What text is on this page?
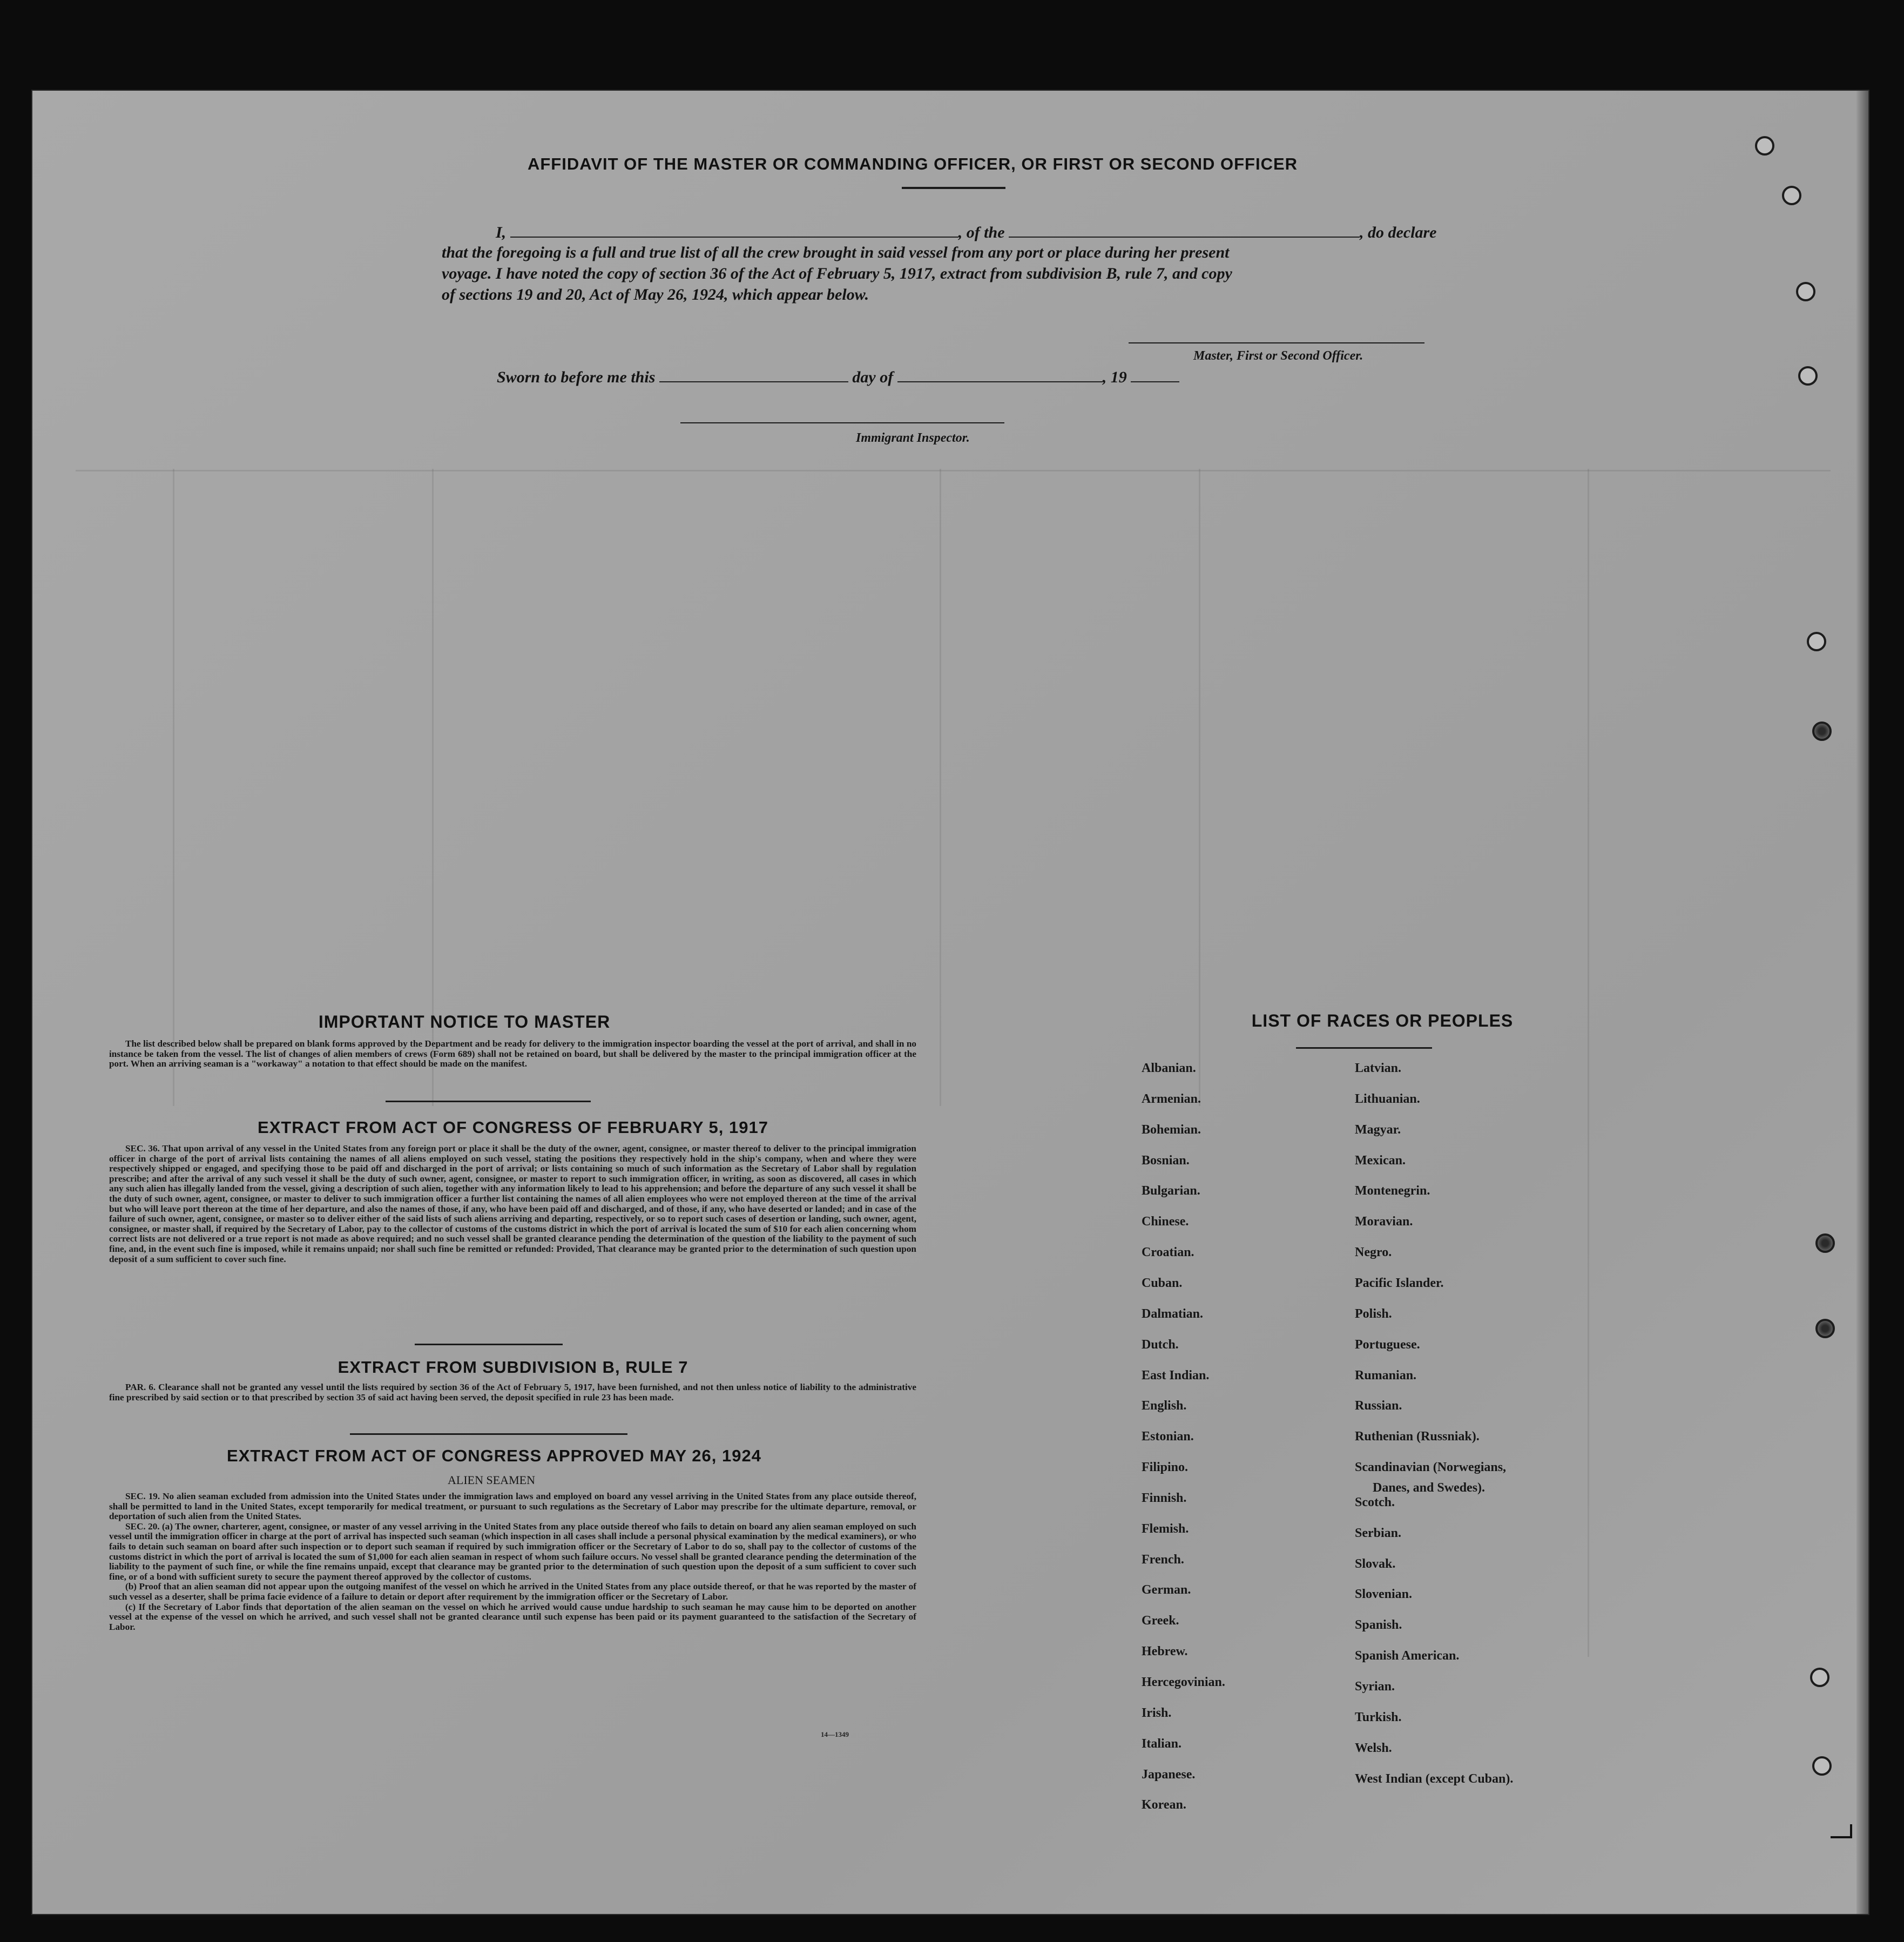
AFFIDAVIT OF THE MASTER OR COMMANDING OFFICER, OR FIRST OR SECOND OFFICER
I,	, of the	, do declare
that the foregoing is a full and true list of all the crew brought in said vessel from any port or place during her present
voyage. I have noted the copy of section 36 of the Act of February 5, 1917, extract from subdivision B, rule 7, and copy
of sections 19 and 20, Act of May 26, 1924, which appear below.
Master, First or Second Officer.
Sworn to before me this	day of	, 19
Immigrant Inspector.
IMPORTANT NOTICE TO MASTER

The list described below shall be prepared on blank forms approved by the Department and be ready for delivery to the immigration inspector boarding the vessel at the port of arrival, and shall in no instance be taken from the vessel. The list of changes of alien members of crews (Form 689) shall not be retained on board, but shall be delivered by the master to the principal immigration officer at the port. When an arriving seaman is a "workaway" a notation to that effect should be made on the manifest.

EXTRACT FROM ACT OF CONGRESS OF FEBRUARY 5, 1917

SEC. 36. That upon arrival of any vessel in the United States from any foreign port or place it shall be the duty of the owner, agent, consignee, or master thereof to deliver to the principal immigration officer in charge of the port of arrival lists containing the names of all aliens employed on such vessel, stating the positions they respectively hold in the ship's company, when and where they were respectively shipped or engaged, and specifying those to be paid off and discharged in the port of arrival; or lists containing so much of such information as the Secretary of Labor shall by regulation prescribe; and after the arrival of any such vessel it shall be the duty of such owner, agent, consignee, or master to report to such immigration officer, in writing, as soon as discovered, all cases in which any such alien has illegally landed from the vessel, giving a description of such alien, together with any information likely to lead to his apprehension; and before the departure of any such vessel it shall be the duty of such owner, agent, consignee, or master to deliver to such immigration officer a further list containing the names of all alien employees who were not employed thereon at the time of the arrival but who will leave port thereon at the time of her departure, and also the names of those, if any, who have been paid off and discharged, and of those, if any, who have deserted or landed; and in case of the failure of such owner, agent, consignee, or master so to deliver either of the said lists of such aliens arriving and departing, respectively, or so to report such cases of desertion or landing, such owner, agent, consignee, or master shall, if required by the Secretary of Labor, pay to the collector of customs of the customs district in which the port of arrival is located the sum of $10 for each alien concerning whom correct lists are not delivered or a true report is not made as above required; and no such vessel shall be granted clearance pending the determination of the question of the liability to the payment of such fine, and, in the event such fine is imposed, while it remains unpaid; nor shall such fine be remitted or refunded: Provided, That clearance may be granted prior to the determination of such question upon deposit of a sum sufficient to cover such fine.

EXTRACT FROM SUBDIVISION B, RULE 7

PAR. 6. Clearance shall not be granted any vessel until the lists required by section 36 of the Act of February 5, 1917, have been furnished, and not then unless notice of liability to the administrative fine prescribed by said section or to that prescribed by section 35 of said act having been served, the deposit specified in rule 23 has been made.

EXTRACT FROM ACT OF CONGRESS APPROVED MAY 26, 1924
ALIEN SEAMEN

SEC. 19. No alien seaman excluded from admission into the United States under the immigration laws and employed on board any vessel arriving in the United States from any place outside thereof, shall be permitted to land in the United States, except temporarily for medical treatment, or pursuant to such regulations as the Secretary of Labor may prescribe for the ultimate departure, removal, or deportation of such alien from the United States.

SEC. 20. (a) The owner, charterer, agent, consignee, or master of any vessel arriving in the United States from any place outside thereof who fails to detain on board any alien seaman employed on such vessel until the immigration officer in charge at the port of arrival has inspected such seaman (which inspection in all cases shall include a personal physical examination by the medical examiners), or who fails to detain such seaman on board after such inspection or to deport such seaman if required by such immigration officer or the Secretary of Labor to do so, shall pay to the collector of customs of the customs district in which the port of arrival is located the sum of $1,000 for each alien seaman in respect of whom such failure occurs. No vessel shall be granted clearance pending the determination of the liability to the payment of such fine, or while the fine remains unpaid, except that clearance may be granted prior to the determination of such question upon the deposit of a sum sufficient to cover such fine, or of a bond with sufficient surety to secure the payment thereof approved by the collector of customs.

(b) Proof that an alien seaman did not appear upon the outgoing manifest of the vessel on which he arrived in the United States from any place outside thereof, or that he was reported by the master of such vessel as a deserter, shall be prima facie evidence of a failure to detain or deport after requirement by the immigration officer or the Secretary of Labor.

(c) If the Secretary of Labor finds that deportation of the alien seaman on the vessel on which he arrived would cause undue hardship to such seaman he may cause him to be deported on another vessel at the expense of the vessel on which he arrived, and such vessel shall not be granted clearance until such expense has been paid or its payment guaranteed to the satisfaction of the Secretary of Labor.

14—1349
LIST OF RACES OR PEOPLES
Albanian.
Armenian.
Bohemian.
Bosnian.
Bulgarian.
Chinese.
Croatian.
Cuban.
Dalmatian.
Dutch.
East Indian.
English.
Estonian.
Filipino.
Finnish.
Flemish.
French.
German.
Greek.
Hebrew.
Hercegovinian.
Irish.
Italian.
Japanese.
Korean.
Latvian.
Lithuanian.
Magyar.
Mexican.
Montenegrin.
Moravian.
Negro.
Pacific Islander.
Polish.
Portuguese.
Rumanian.
Russian.
Ruthenian (Russniak).
Scandinavian (Norwegians,
Danes, and Swedes).
Scotch.
Serbian.
Slovak.
Slovenian.
Spanish.
Spanish American.
Syrian.
Turkish.
Welsh.
West Indian (except Cuban).
